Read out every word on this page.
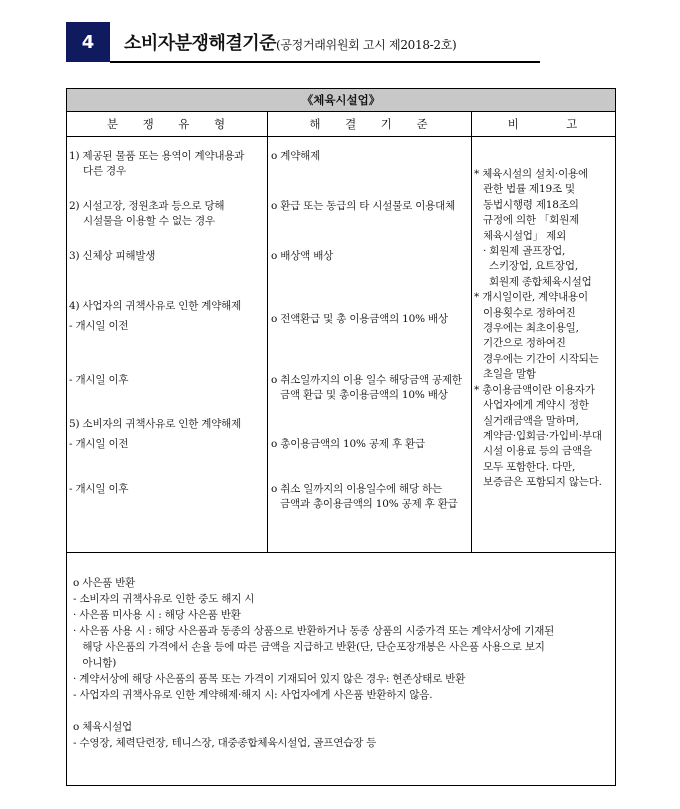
4 소비자분쟁해결기준(공정거래위원회 고시 제2018-2호)
《체육시설업》
분    쟁    유    형	해    결    기    준	비        고
1) 제공된 물품 또는 용역이 계약내용과
다른 경우
2) 시설고장, 정원초과 등으로 당해
시설물을 이용할 수 없는 경우
3) 신체상 피해발생
4) 사업자의 귀책사유로 인한 계약해제
- 개시일 이전
- 개시일 이후
5) 소비자의 귀책사유로 인한 계약해제
- 개시일 이전
- 개시일 이후
o 계약해제
o 환급 또는 동급의 타 시설물로 이용대체
o 배상액 배상
o 전액환급 및 총 이용금액의 10% 배상
o 취소일까지의 이용 일수 해당금액 공제한
금액 환급 및 총이용금액의 10% 배상
o 총이용금액의 10% 공제 후 환급
o 취소 일까지의 이용일수에 해당 하는
금액과 총이용금액의 10% 공제 후 환급
* 체육시설의 설치·이용에
관한 법률 제19조 및
동법시행령 제18조의
규정에 의한 「회원제
체육시설업」 제외
· 회원제 골프장업,
스키장업, 요트장업,
회원제 종합체육시설업
* 개시일이란, 계약내용이
이용횟수로 정하여진
경우에는 최초이용일,
기간으로 정하여진
경우에는 기간이 시작되는
초일을 말함
* 총이용금액이란 이용자가
사업자에게 계약시 정한
실거래금액을 말하며,
계약금·입회금·가입비·부대
시설 이용료 등의 금액을
모두 포함한다. 다만,
보증금은 포함되지 않는다.
o 사은품 반환
- 소비자의 귀책사유로 인한 중도 해지 시
· 사은품 미사용 시 : 해당 사은품 반환
· 사은품 사용 시 : 해당 사은품과 동종의 상품으로 반환하거나 동종 상품의 시중가격 또는 계약서상에 기재된
해당 사은품의 가격에서 손율 등에 따른 금액을 지급하고 반환(단, 단순포장개봉은 사은품 사용으로 보지
아니함)
· 계약서상에 해당 사은품의 품목 또는 가격이 기재되어 있지 않은 경우: 현존상태로 반환
- 사업자의 귀책사유로 인한 계약해제·해지 시: 사업자에게 사은품 반환하지 않음.
o 체육시설업
- 수영장, 체력단련장, 테니스장, 대중종합체육시설업, 골프연습장 등
